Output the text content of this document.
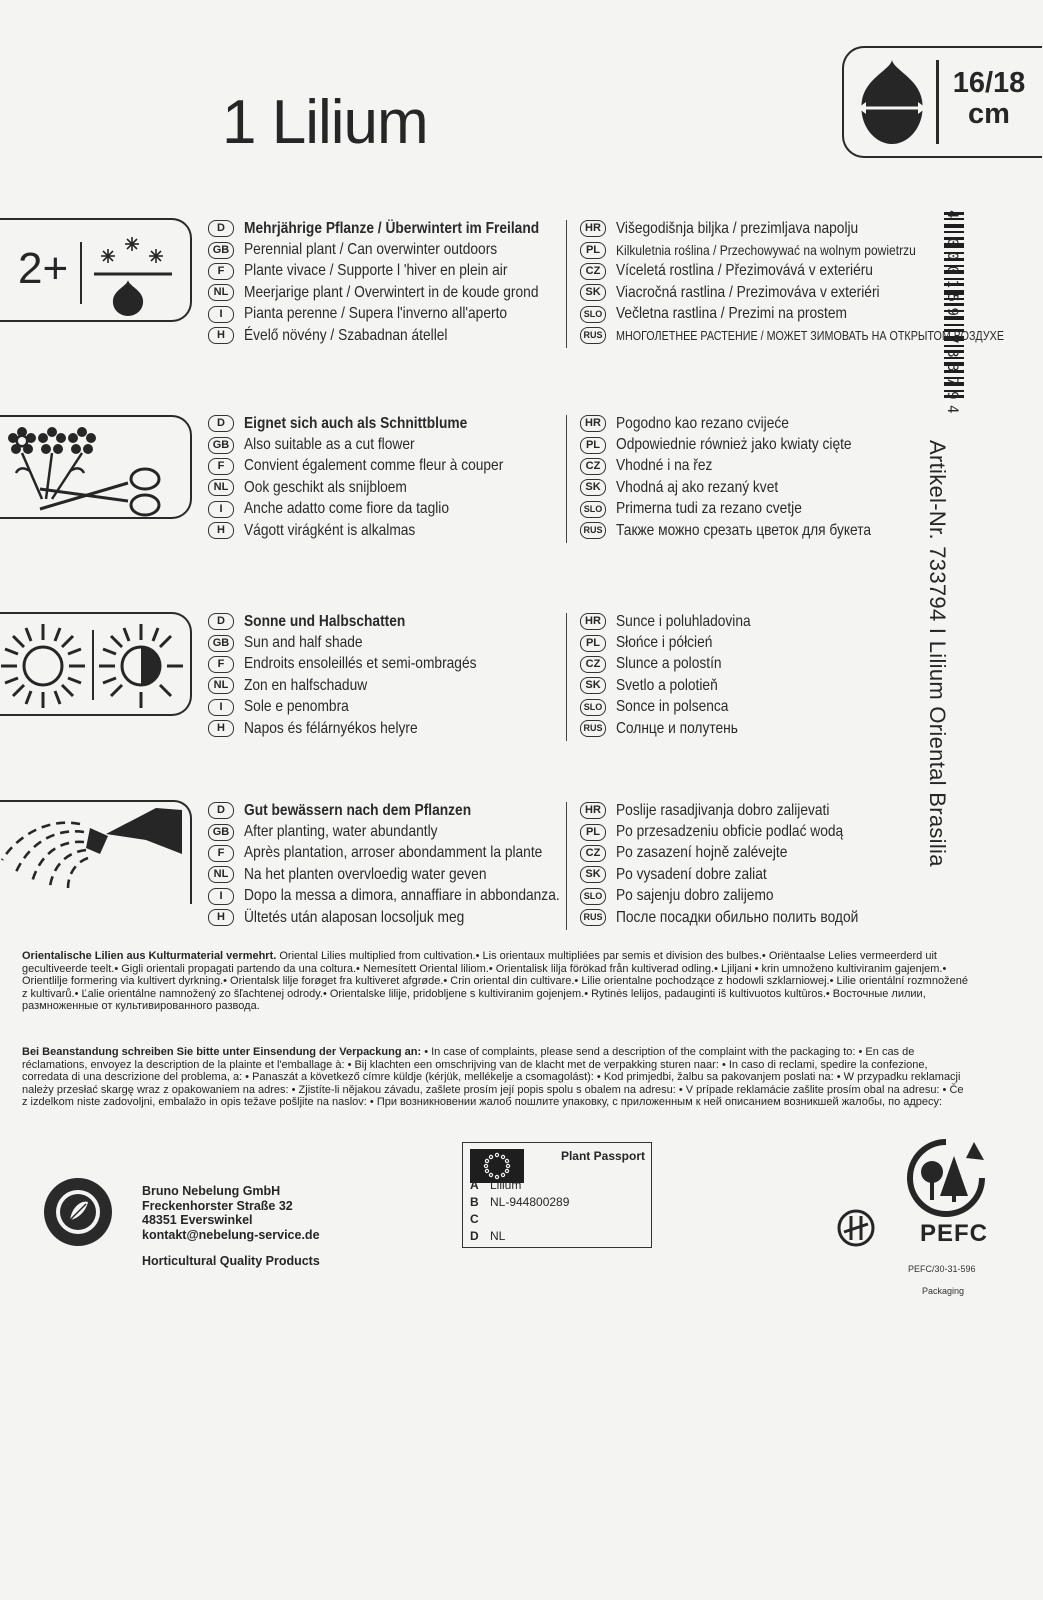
1 Lilium
16/18
cm
4 000159 733794
Artikel-Nr. 733794 I Lilium Oriental Brasilia
2+
D	Mehrjährige Pflanze / Überwintert im Freiland
GB Perennial plant / Can overwinter outdoors
F	Plante vivace / Supporte l 'hiver en plein air
NL Meerjarige plant / Overwintert in de koude grond
I	Pianta perenne / Supera l'inverno all'aperto
H	Évelő növény / Szabadnan átellel
HR Višegodišnja biljka / prezimljava napolju
PL	Kilkuletnia roślina / Przechowywać na wolnym powietrzu
CZ Víceletá rostlina / Přezimovává v exteriéru
SK Viacročná rastlina / Prezimováva v exteriéri
SLO Večletna rastlina / Prezimi na prostem
RUS МНОГОЛЕТНЕЕ РАСТЕНИЕ / МОЖЕТ ЗИМОВАТЬ НА ОТКРЫТОМ ВОЗДУХЕ
D	Eignet sich auch als Schnittblume
GB Also suitable as a cut flower
F	Convient également comme fleur à couper
NL Ook geschikt als snijbloem
I	Anche adatto come fiore da taglio
H	Vágott virágként is alkalmas
HR Pogodno kao rezano cvijeće
PL Odpowiednie również jako kwiaty cięte
CZ Vhodné i na řez
SK Vhodná aj ako rezaný kvet
SLO Primerna tudi za rezano cvetje
RUS Также можно срезать цветок для букета
D	Sonne und Halbschatten
GB Sun and half shade
F	Endroits ensoleillés et semi-ombragés
NL Zon en halfschaduw
I	Sole e penombra
H	Napos és félárnyékos helyre
HR Sunce i poluhladovina
PL Słońce i półcień
CZ Slunce a polostín
SK Svetlo a polotieň
SLO Sonce in polsenca
RUS Солнце и полутень
D	Gut bewässern nach dem Pflanzen
GB After planting, water abundantly
F	Après plantation, arroser abondamment la plante
NL Na het planten overvloedig water geven
I	Dopo la messa a dimora, annaffiare in abbondanza.
H	Ültetés után alaposan locsoljuk meg
HR Poslije rasadjivanja dobro zalijevati
PL Po przesadzeniu obficie podlać wodą
CZ Po zasazení hojně zalévejte
SK Po vysadení dobre zaliat
SLO Po sajenju dobro zalijemo
RUS После посадки обильно полить водой

Orientalische Lilien aus Kulturmaterial vermehrt. Oriental Lilies multiplied from cultivation.• Lis orientaux multipliées par semis et division des bulbes.• Oriëntaalse Lelies vermeerderd uit gecultiveerde teelt.• Gigli orientali propagati partendo da una coltura.• Nemesített Oriental liliom.• Orientalisk lilja förökad från kultiverad odling.• Ljiljani • krin umnoženo kultiviranim gajenjem.• Orientlilje formering via kultivert dyrkning.• Orientalsk lilje forøget fra kultiveret afgrøde.• Crin oriental din cultivare.• Lilie orientalne pochodzące z hodowli szklarniowej.• Lilie orientální rozmnožené z kultivarů.• Ľalie orientálne namnožený zo šľachtenej odrody.• Orientalske lilije, pridobljene s kultiviranim gojenjem.• Rytinės lelijos, padauginti iš kultivuotos kultūros.• Восточные лилии, размноженные от культивированного развода.

Bei Beanstandung schreiben Sie bitte unter Einsendung der Verpackung an: • In case of complaints, please send a description of the complaint with the packaging to: • En cas de réclamations, envoyez la description de la plainte et l'emballage à: • Bij klachten een omschrijving van de klacht met de verpakking sturen naar: • In caso di reclami, spedire la confezione, corredata di una descrizione del problema, a: • Panaszát a következő címre küldje (kérjük, mellékelje a csomagolást): • Kod primjedbi, žalbu sa pakovanjem poslati na: • W przypadku reklamacji należy przesłać skargę wraz z opakowaniem na adres: • Zjistíte-li nějakou závadu, zašlete prosím její popis spolu s obalem na adresu: • V prípade reklamácie zašlite prosím obal na adresu: • Če z izdelkom niste zadovoljni, embalažo in opis težave pošljite na naslov: • При возникновении жалоб пошлите упаковку, с приложенным к ней описанием возникшей жалобы, по адресу:

Bruno Nebelung GmbH
Freckenhorster Straße 32
48351 Everswinkel
kontakt@nebelung-service.de
Horticultural Quality Products
Plant Passport
A Lilium
B NL-944800289
C
D NL	PEFC
PEFC/30-31-596
Packaging
